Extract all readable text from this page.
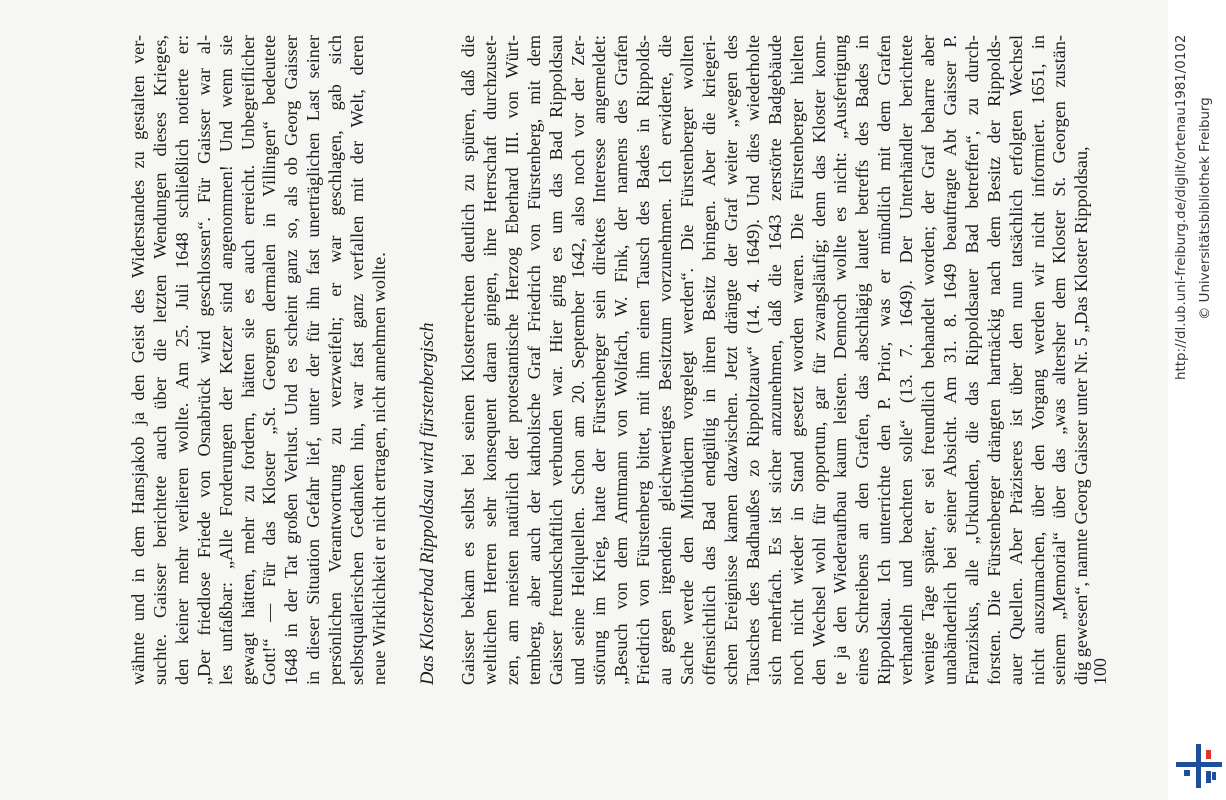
wähnte und in dem Hansjakob ja den Geist des Widerstandes zu gestalten ver- suchte. Gaisser berichtete auch über die letzten Wendungen dieses Krieges, den keiner mehr verlieren wollte. Am 25. Juli 1648 schließlich notierte er: „Der friedlose Friede von Osnabrück wird geschlossen“. Für Gaisser war al- les unfaßbar: „Alle Forderungen der Ketzer sind angenommen! Und wenn sie gewagt hätten, mehr zu fordern, hätten sie es auch erreicht. Unbegreiflicher Gott!“ — Für das Kloster „St. Georgen dermalen in Villingen“ bedeutete 1648 in der Tat großen Verlust. Und es scheint ganz so, als ob Georg Gaisser in dieser Situation Gefahr lief, unter der für ihn fast unerträglichen Last seiner persönlichen Verantwortung zu verzweifeln; er war geschlagen, gab sich selbstquälerischen Gedanken hin, war fast ganz verfallen mit der Welt, deren neue Wirklichkeit er nicht ertragen, nicht annehmen wollte. Das Klosterbad Rippoldsau wird fürstenbergisch Gaisser bekam es selbst bei seinen Klosterrechten deutlich zu spüren, daß die weltlichen Herren sehr konsequent daran gingen, ihre Herrschaft durchzuset- zen, am meisten natürlich der protestantische Herzog Eberhard III. von Würt- temberg, aber auch der katholische Graf Friedrich von Fürstenberg, mit dem Gaisser freundschaftlich verbunden war. Hier ging es um das Bad Rippoldsau und seine Heilquellen. Schon am 20. September 1642, also noch vor der Zer- störung im Krieg, hatte der Fürstenberger sein direktes Interesse angemeldet: „Besuch von dem Amtmann von Wolfach, W. Fink, der namens des Grafen Friedrich von Fürstenberg bittet, mit ihm einen Tausch des Bades in Rippolds- au gegen irgendein gleichwertiges Besitztum vorzunehmen. Ich erwiderte, die Sache werde den Mitbrüdern vorgelegt werden“. Die Fürstenberger wollten offensichtlich das Bad endgültig in ihren Besitz bringen. Aber die kriegeri- schen Ereignisse kamen dazwischen. Jetzt drängte der Graf weiter „wegen des Tausches des Badhaußes zo Rippoltzauw“ (14. 4. 1649). Und dies wiederholte sich mehrfach. Es ist sicher anzunehmen, daß die 1643 zerstörte Badgebäude noch nicht wieder in Stand gesetzt worden waren. Die Fürstenberger hielten den Wechsel wohl für opportun, gar für zwangsläufig; denn das Kloster konn- te ja den Wiederaufbau kaum leisten. Dennoch wollte es nicht: „Ausfertigung eines Schreibens an den Grafen, das abschlägig lautet betreffs des Bades in Rippoldsau. Ich unterrichte den P. Prior, was er mündlich mit dem Grafen verhandeln und beachten solle“ (13. 7. 1649). Der Unterhändler berichtete wenige Tage später, er sei freundlich behandelt worden; der Graf beharre aber unabänderlich bei seiner Absicht. Am 31. 8. 1649 beauftragte Abt Gaisser P. Franziskus, alle „Urkunden, die das Rippoldsauer Bad betreffen“, zu durch- forsten. Die Fürstenberger drängten hartnäckig nach dem Besitz der Rippolds- auer Quellen. Aber Präziseres ist über den nun tatsächlich erfolgten Wechsel nicht auszumachen, über den Vorgang werden wir nicht informiert. 1651, in seinem „Memorial“ über das „was altersher dem Kloster St. Georgen zustän- dig gewesen“, nannte Georg Gaisser unter Nr. 5 „Das Kloster Rippoldsau,

100
http://dl.ub.uni-freiburg.de/diglit/ortenau1981/0102 © Universitätsbibliothek Freiburg
